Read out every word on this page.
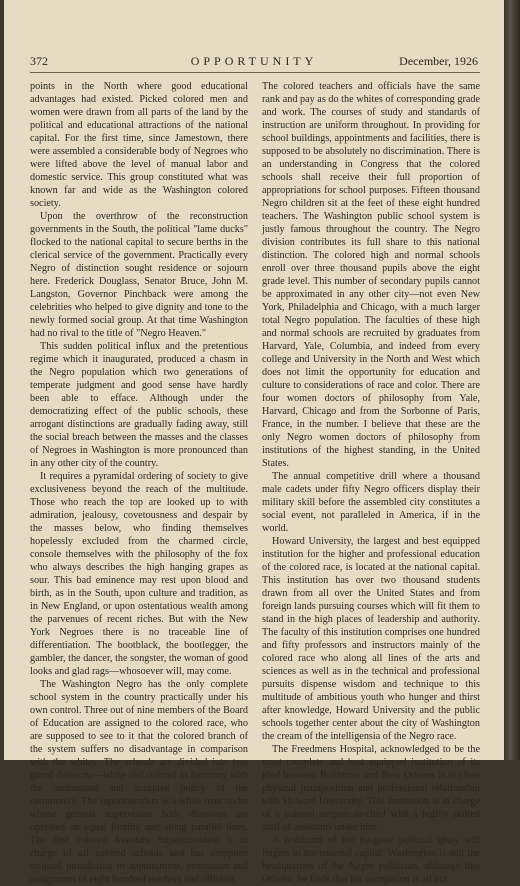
372	OPPORTUNITY	December, 1926

points in the North where good educational advantages had existed. Picked colored men and women were drawn from all parts of the land by the political and educational attractions of the national capital. For the first time, since Jamestown, there were assembled a considerable body of Negroes who were lifted above the level of manual labor and domestic service. This group constituted what was known far and wide as the Washington colored society.

Upon the overthrow of the reconstruction governments in the South, the political "lame ducks" flocked to the national capital to secure berths in the clerical service of the government. Practically every Negro of distinction sought residence or sojourn here. Frederick Douglass, Senator Bruce, John M. Langston, Governor Pinchback were among the celebrities who helped to give dignity and tone to the newly formed social group. At that time Washington had no rival to the title of "Negro Heaven."

This sudden political influx and the pretentious regime which it inaugurated, produced a chasm in the Negro population which two generations of temperate judgment and good sense have hardly been able to efface. Although under the democratizing effect of the public schools, these arrogant distinctions are gradually fading away, still the social breach between the masses and the classes of Negroes in Washington is more pronounced than in any other city of the country.

It requires a pyramidal ordering of society to give exclusiveness beyond the reach of the multitude. Those who reach the top are looked up to with admiration, jealousy, covetousness and despair by the masses below, who finding themselves hopelessly excluded from the charmed circle, console themselves with the philosophy of the fox who always describes the high hanging grapes as sour. This bad eminence may rest upon blood and birth, as in the South, upon culture and tradition, as in New England, or upon ostentatious wealth among the parvenues of recent riches. But with the New York Negroes there is no traceable line of differentiation. The bootblack, the bootlegger, the gambler, the dancer, the songster, the woman of good looks and glad rags—whosoever will, may come.

The Washington Negro has the only complete school system in the country practically under his own control. Three out of nine members of the Board of Education are assigned to the colored race, who are supposed to see to it that the colored branch of the system suffers no disadvantage in comparison with the whites. The schools are divided into two grand divisions—white and colored in harmony with the understood and accepted policy of the community. The superintendent is a white man under whose general supervision both divisions are operated on equal footing and along parallel lines. The first colored Assistant Superintendent is in charge of all colored schools and has complete original jurisdiction in appointment, promotion and assignment of eight hundred teachers and officials.

The colored teachers and officials have the same rank and pay as do the whites of corresponding grade and work. The courses of study and standards of instruction are uniform throughout. In providing for school buildings, appointments and facilities, there is supposed to be absolutely no discrimination. There is an understanding in Congress that the colored schools shall receive their full proportion of appropriations for school purposes. Fifteen thousand Negro children sit at the feet of these eight hundred teachers. The Washington public school system is justly famous throughout the country. The Negro division contributes its full share to this national distinction. The colored high and normal schools enroll over three thousand pupils above the eight grade level. This number of secondary pupils cannot be approximated in any other city—not even New York, Philadelphia and Chicago, with a much larger total Negro population. The faculties of these high and normal schools are recruited by graduates from Harvard, Yale, Columbia, and indeed from every college and University in the North and West which does not limit the opportunity for education and culture to considerations of race and color. There are four women doctors of philosophy from Yale, Harvard, Chicago and from the Sorbonne of Paris, France, in the number. I believe that these are the only Negro women doctors of philosophy from institutions of the highest standing, in the United States.

The annual competitive drill where a thousand male cadets under fifty Negro officers display their military skill before the assembled city constitutes a social event, not paralleled in America, if in the world.

Howard University, the largest and best equipped institution for the higher and professional education of the colored race, is located at the national capital. This institution has over two thousand students drawn from all over the United States and from foreign lands pursuing courses which will fit them to stand in the high places of leadership and authority. The faculty of this institution comprises one hundred and fifty professors and instructors mainly of the colored race who along all lines of the arts and sciences as well as in the technical and professional pursuits dispense wisdom and technique to this multitude of ambitious youth who hunger and thirst after knowledge, Howard University and the public schools together center about the city of Washington the cream of the intelligensia of the Negro race.

The Freedmens Hospital, acknowledged to be the most complete and best equipped institution of its kind between Baltimore and New Orleans is in close physical juxtaposition and professional relationship with Howard University. This institution is in charge of a colored surgeon-in-chief with a highly skilled staff of assistants under him.

A residuum of the by-gone political glory still lingers in the national capital. Washington is still the headquarters of the Negro politician, although like Othello, he finds that his occupation is all but
